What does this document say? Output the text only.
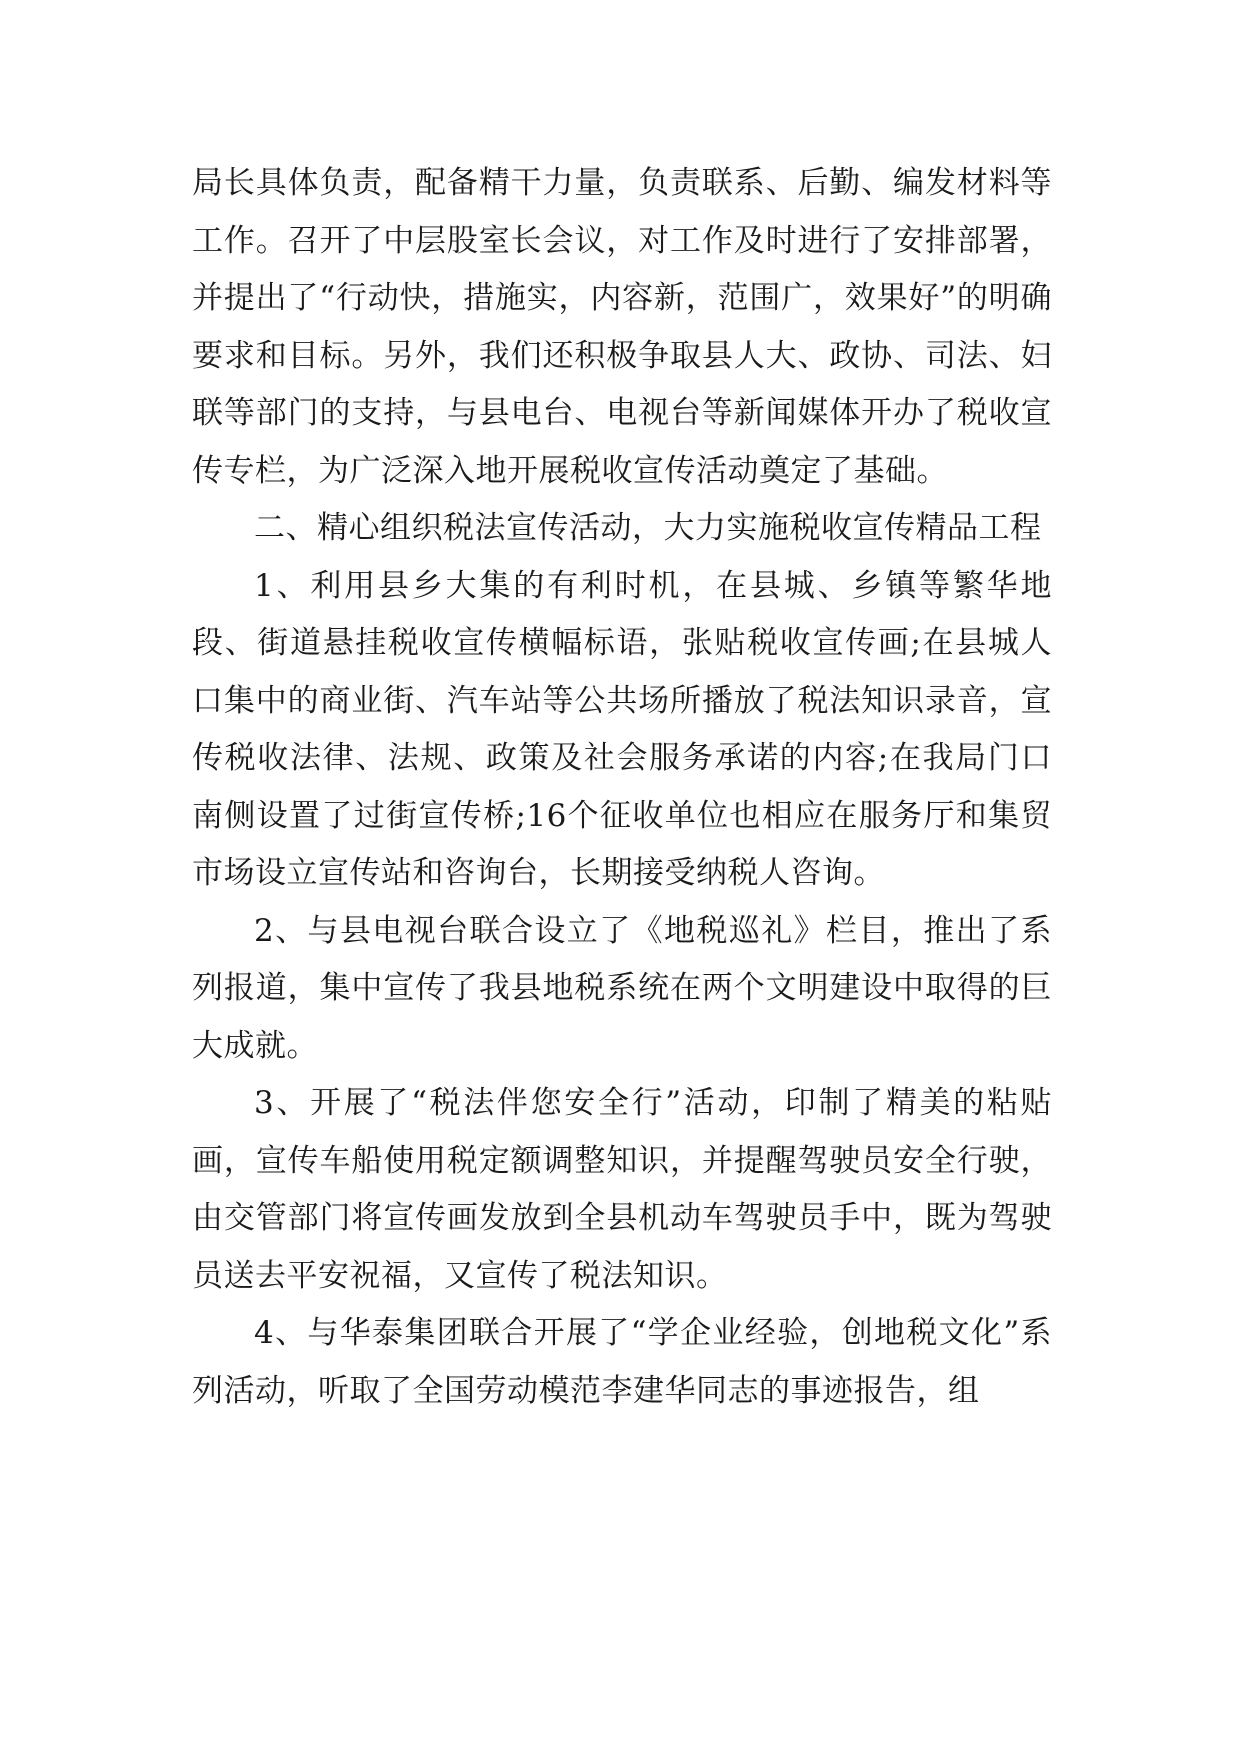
局长具体负责，配备精干力量，负责联系、后勤、编发材料等工作。召开了中层股室长会议，对工作及时进行了安排部署，并提出了“行动快，措施实，内容新，范围广，效果好”的明确要求和目标。另外，我们还积极争取县人大、政协、司法、妇联等部门的支持，与县电台、电视台等新闻媒体开办了税收宣传专栏，为广泛深入地开展税收宣传活动奠定了基础。

二、精心组织税法宣传活动，大力实施税收宣传精品工程

1、利用县乡大集的有利时机，在县城、乡镇等繁华地段、街道悬挂税收宣传横幅标语，张贴税收宣传画;在县城人口集中的商业街、汽车站等公共场所播放了税法知识录音，宣传税收法律、法规、政策及社会服务承诺的内容;在我局门口南侧设置了过街宣传桥;16个征收单位也相应在服务厅和集贸市场设立宣传站和咨询台，长期接受纳税人咨询。

2、与县电视台联合设立了《地税巡礼》栏目，推出了系列报道，集中宣传了我县地税系统在两个文明建设中取得的巨大成就。

3、开展了“税法伴您安全行”活动，印制了精美的粘贴画，宣传车船使用税定额调整知识，并提醒驾驶员安全行驶，由交管部门将宣传画发放到全县机动车驾驶员手中，既为驾驶员送去平安祝福，又宣传了税法知识。

4、与华泰集团联合开展了“学企业经验，创地税文化”系列活动，听取了全国劳动模范李建华同志的事迹报告，组
